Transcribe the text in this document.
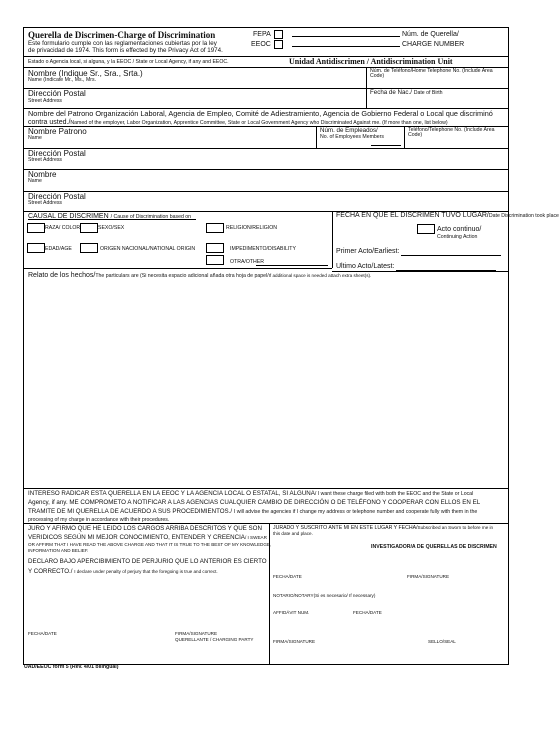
Querella de Discrimen-Charge of Discrimination
Este formulario cumple con las reglamentaciones cubiertas por la ley
de privacidad de 1974. This form is effected by the Privacy Act of 1974.
FEPA
EEOC
Núm. de Querella/
CHARGE NUMBER
Estado o Agencia local, si alguna, y la EEOC / State or Local Agency, if any and EEOC.	Unidad Antidiscrimen / Antidiscrimination Unit
Nombre (Indique Sr., Sra., Srta.)
Name (Indicate Mr., Ms., Mrs.
Núm. de Teléfono/Home Telephone No. (Include Area Code)
Dirección Postal
Street Address
Fecha de Nac./ Date of Birth
Nombre del Patrono Organización Laboral, Agencia de Empleo, Comité de Adiestramiento, Agencia de Gobierno Federal o Local que discriminó
contra usted./Named of the employer, Labor Organization, Apprentice Committee, State or Local Government Agency who Discriminated Against me. (If more than one, list below)
Nombre Patrono
Name
Núm. de Empleados/
No. of Employees Members
Teléfono/Telephone No. (Include Area Code)
Dirección Postal
Street Address
Nombre
Name
Dirección Postal
Street Address
CAUSAL DE DISCRIMEN / Cause of Discrimination based on
RAZA/ COLOR	SEXO/SEX	RELIGION/RELIGION
EDAD/AGE	ORIGEN NACIONAL/NATIONAL ORIGIN	IMPEDIMENTO/DISABILITY
OTRA/OTHER
FECHA EN QUE EL DISCRIMEN TUVO LUGAR/Date Discrimination took place
Acto continuo/
Continuing Action
Primer Acto/Earliest:
Ultimo Acto/Latest:
Relato de los hechos/The particulars are (Si necesita espacio adicional añada otra hoja de papel/If additional space is needed attach extra sheet(s).
INTERESO RADICAR ESTA QUERELLA EN LA EEOC Y LA AGENCIA LOCAL O ESTATAL, SI ALGUNA/ I want these charge filed with both the EEOC and the State or Local
Agency, if any. ME COMPROMETO A NOTIFICAR A LAS AGENCIAS CUALQUIER CAMBIO DE DIRECCIÓN O DE TELÉFONO Y COOPERAR CON ELLOS EN EL
TRAMITE DE MI QUERELLA DE ACUERDO A SUS PROCEDIMIENTOS./ I will advise the agencies if I change my address or telephone number and cooperate fully with them in the
processing of my charge in accordance with their procedures.
JURO Y AFIRMO QUE HE LEIDO LOS CARGOS ARRIBA DESCRITOS Y QUE SON
VERIDICOS SEGÚN MI MEJOR CONOCIMIENTO, ENTENDER Y CREENCIA/ I SWEAR
OR AFFIRM THAT I HAVE READ THE ABOVE CHARGE AND THAT IT IS TRUE TO THE BEST OF MY KNOWLEDGE,
INFORMATION AND BELIEF.
DECLARO BAJO APERCIBIMIENTO DE PERJURIO QUE LO ANTERIOR ES CIERTO
Y CORRECTO./ I declare under penalty of perjury that the foregoing is true and correct.
FECHA/DATE	FIRMA/SIGNATURE
QUERELLANTE / CHARGING PARTY
JURADO Y SUSCRITO ANTE MI EN ESTE LUGAR Y FECHA/Subscribed an Sworn to before me in
this date and place.
INVESTIGADOR/A DE QUERELLAS DE DISCRIMEN
FECHA/DATE	FIRMA/SIGNATURE
NOTARIO/NOTARY(Si es necesario/ If necessary)
AFFIDÁVIT NUM.	FECHA/DATE
FIRMA/SIGNATURE	SELLO/SEAL
UAD/EEOC form 5 (Rev. 4/01 bilingual)
